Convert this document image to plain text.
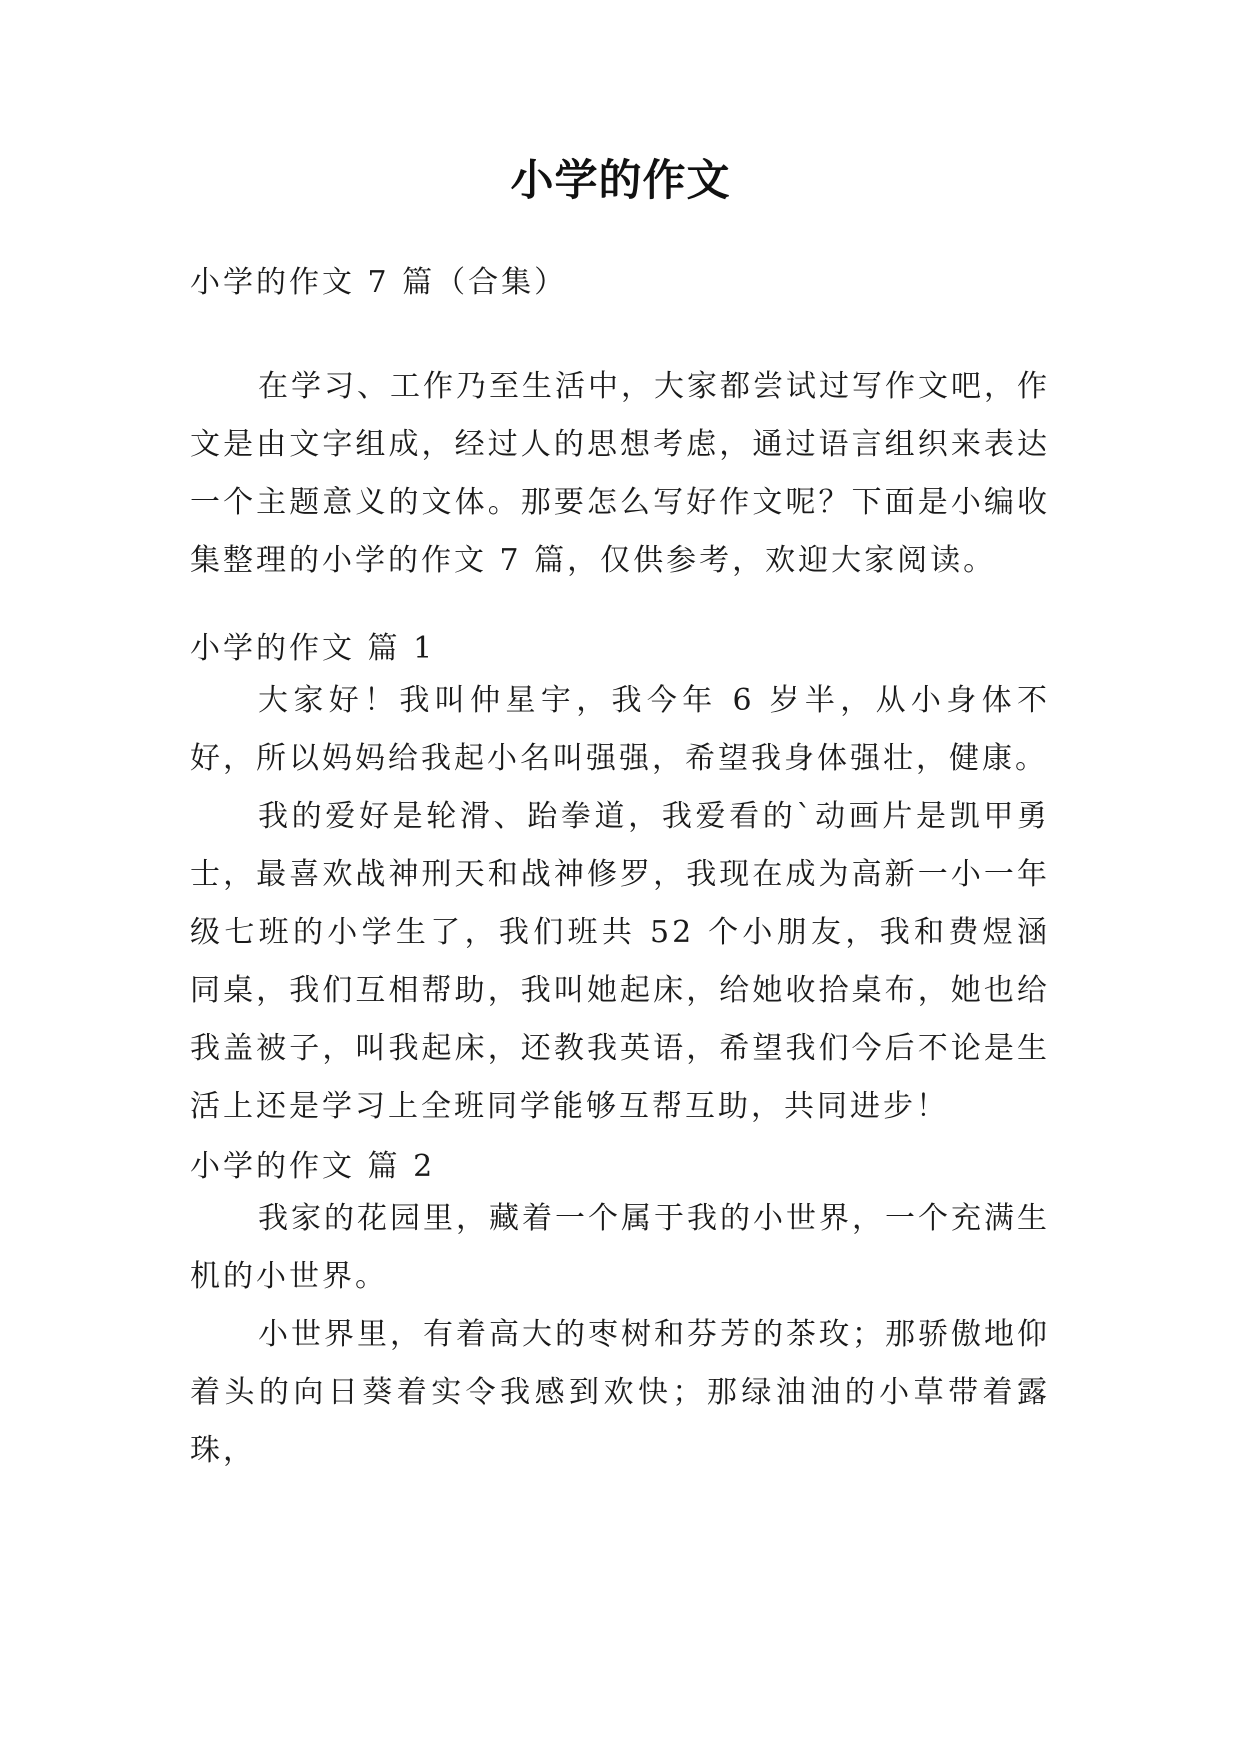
小学的作文
小学的作文 7 篇（合集）

在学习、工作乃至生活中，大家都尝试过写作文吧，作文是由文字组成，经过人的思想考虑，通过语言组织来表达一个主题意义的文体。那要怎么写好作文呢？下面是小编收集整理的小学的作文 7 篇，仅供参考，欢迎大家阅读。

小学的作文 篇 1

大家好！我叫仲星宇，我今年 6 岁半，从小身体不好，所以妈妈给我起小名叫强强，希望我身体强壮，健康。

我的爱好是轮滑、跆拳道，我爱看的`动画片是凯甲勇士，最喜欢战神刑天和战神修罗，我现在成为高新一小一年级七班的小学生了，我们班共 52 个小朋友，我和费煜涵同桌，我们互相帮助，我叫她起床，给她收拾桌布，她也给我盖被子，叫我起床，还教我英语，希望我们今后不论是生活上还是学习上全班同学能够互帮互助，共同进步！

小学的作文 篇 2

我家的花园里，藏着一个属于我的小世界，一个充满生机的小世界。

小世界里，有着高大的枣树和芬芳的茶玫；那骄傲地仰着头的向日葵着实令我感到欢快；那绿油油的小草带着露珠，
